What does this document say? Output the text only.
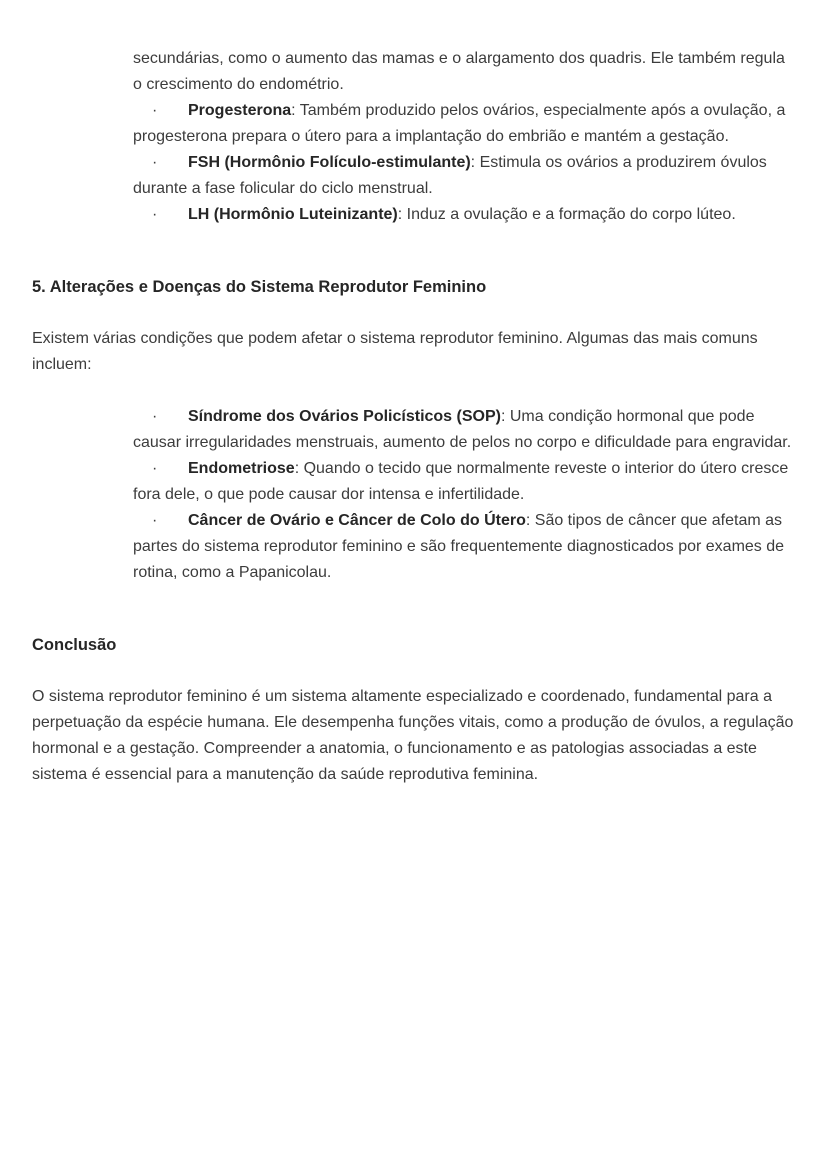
secundárias, como o aumento das mamas e o alargamento dos quadris. Ele também regula o crescimento do endométrio.

· Progesterona: Também produzido pelos ovários, especialmente após a ovulação, a progesterona prepara o útero para a implantação do embrião e mantém a gestação.
· FSH (Hormônio Folículo-estimulante): Estimula os ovários a produzirem óvulos durante a fase folicular do ciclo menstrual.
· LH (Hormônio Luteinizante): Induz a ovulação e a formação do corpo lúteo.
5. Alterações e Doenças do Sistema Reprodutor Feminino

Existem várias condições que podem afetar o sistema reprodutor feminino. Algumas das mais comuns incluem:

· Síndrome dos Ovários Policísticos (SOP): Uma condição hormonal que pode causar irregularidades menstruais, aumento de pelos no corpo e dificuldade para engravidar.
· Endometriose: Quando o tecido que normalmente reveste o interior do útero cresce fora dele, o que pode causar dor intensa e infertilidade.
· Câncer de Ovário e Câncer de Colo do Útero: São tipos de câncer que afetam as partes do sistema reprodutor feminino e são frequentemente diagnosticados por exames de rotina, como a Papanicolau.
Conclusão

O sistema reprodutor feminino é um sistema altamente especializado e coordenado, fundamental para a perpetuação da espécie humana. Ele desempenha funções vitais, como a produção de óvulos, a regulação hormonal e a gestação. Compreender a anatomia, o funcionamento e as patologias associadas a este sistema é essencial para a manutenção da saúde reprodutiva feminina.
